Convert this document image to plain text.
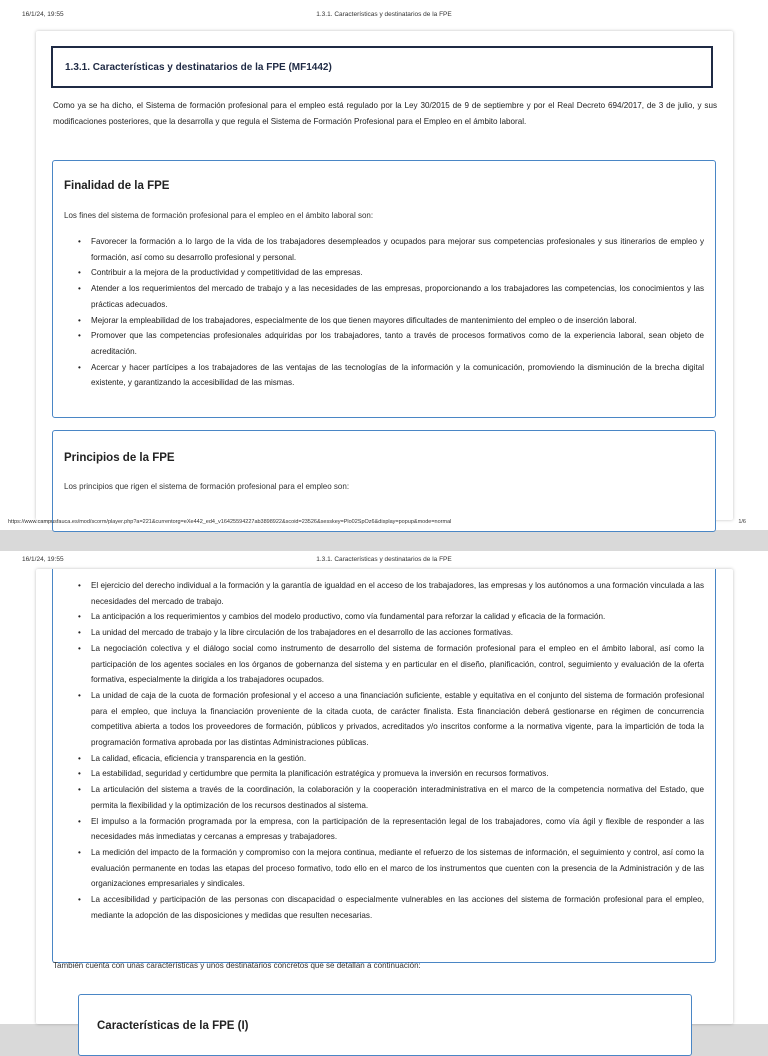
16/1/24, 19:55	1.3.1. Características y destinatarios de la FPE
1.3.1. Características y destinatarios de la FPE (MF1442)

Como ya se ha dicho, el Sistema de formación profesional para el empleo está regulado por la Ley 30/2015 de 9 de septiembre y por el Real Decreto 694/2017, de 3 de julio, y sus modificaciones posteriores, que la desarrolla y que regula el Sistema de Formación Profesional para el Empleo en el ámbito laboral.

Finalidad de la FPE

Los fines del sistema de formación profesional para el empleo en el ámbito laboral son:

• Favorecer la formación a lo largo de la vida de los trabajadores desempleados y ocupados para mejorar sus competencias profesionales y sus itinerarios de empleo y formación, así como su desarrollo profesional y personal.
• Contribuir a la mejora de la productividad y competitividad de las empresas.
• Atender a los requerimientos del mercado de trabajo y a las necesidades de las empresas, proporcionando a los trabajadores las competencias, los conocimientos y las prácticas adecuados.
• Mejorar la empleabilidad de los trabajadores, especialmente de los que tienen mayores dificultades de mantenimiento del empleo o de inserción laboral.
• Promover que las competencias profesionales adquiridas por los trabajadores, tanto a través de procesos formativos como de la experiencia laboral, sean objeto de acreditación.
• Acercar y hacer partícipes a los trabajadores de las ventajas de las tecnologías de la información y la comunicación, promoviendo la disminución de la brecha digital existente, y garantizando la accesibilidad de las mismas.
Principios de la FPE

Los principios que rigen el sistema de formación profesional para el empleo son:

https://www.campusfauca.es/mod/scorm/player.php?a=221&currentorg=eXe442_ed4_v16425594227ab3898922&scoid=23526&sesskey=Plo02SpOz6&display=popup&mode=normal	1/6
16/1/24, 19:55	1.3.1. Características y destinatarios de la FPE
• El ejercicio del derecho individual a la formación y la garantía de igualdad en el acceso de los trabajadores, las empresas y los autónomos a una formación vinculada a las necesidades del mercado de trabajo.
• La anticipación a los requerimientos y cambios del modelo productivo, como vía fundamental para reforzar la calidad y eficacia de la formación.
• La unidad del mercado de trabajo y la libre circulación de los trabajadores en el desarrollo de las acciones formativas.
• La negociación colectiva y el diálogo social como instrumento de desarrollo del sistema de formación profesional para el empleo en el ámbito laboral, así como la participación de los agentes sociales en los órganos de gobernanza del sistema y en particular en el diseño, planificación, control, seguimiento y evaluación de la oferta formativa, especialmente la dirigida a los trabajadores ocupados.
• La unidad de caja de la cuota de formación profesional y el acceso a una financiación suficiente, estable y equitativa en el conjunto del sistema de formación profesional para el empleo, que incluya la financiación proveniente de la citada cuota, de carácter finalista. Esta financiación deberá gestionarse en régimen de concurrencia competitiva abierta a todos los proveedores de formación, públicos y privados, acreditados y/o inscritos conforme a la normativa vigente, para la impartición de toda la programación formativa aprobada por las distintas Administraciones públicas.
• La calidad, eficacia, eficiencia y transparencia en la gestión.
• La estabilidad, seguridad y certidumbre que permita la planificación estratégica y promueva la inversión en recursos formativos.
• La articulación del sistema a través de la coordinación, la colaboración y la cooperación interadministrativa en el marco de la competencia normativa del Estado, que permita la flexibilidad y la optimización de los recursos destinados al sistema.
• El impulso a la formación programada por la empresa, con la participación de la representación legal de los trabajadores, como vía ágil y flexible de responder a las necesidades más inmediatas y cercanas a empresas y trabajadores.
• La medición del impacto de la formación y compromiso con la mejora continua, mediante el refuerzo de los sistemas de información, el seguimiento y control, así como la evaluación permanente en todas las etapas del proceso formativo, todo ello en el marco de los instrumentos que cuenten con la presencia de la Administración y de las organizaciones empresariales y sindicales.
• La accesibilidad y participación de las personas con discapacidad o especialmente vulnerables en las acciones del sistema de formación profesional para el empleo, mediante la adopción de las disposiciones y medidas que resulten necesarias.

También cuenta con unas características y unos destinatarios concretos que se detallan a continuación:

Características de la FPE (I)
